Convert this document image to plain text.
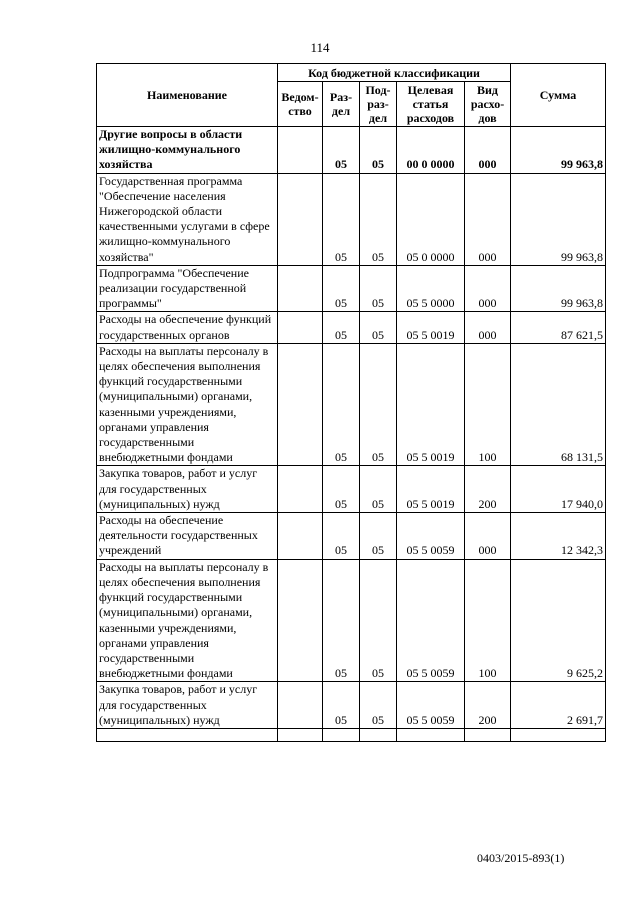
114
Наименование	Код бюджетной классификации					Сумма
	Ведом-ство	Раз-дел	Под-раз-дел	Целевая статья расходов	Вид расхо-дов	
Другие вопросы в области жилищно-коммунального хозяйства		05	05	00 0 0000	000	99 963,8
Государственная программа "Обеспечение населения Нижегородской области качественными услугами в сфере жилищно-коммунального хозяйства"		05	05	05 0 0000	000	99 963,8
Подпрограмма "Обеспечение реализации государственной программы"		05	05	05 5 0000	000	99 963,8
Расходы на обеспечение функций государственных органов		05	05	05 5 0019	000	87 621,5
Расходы на выплаты персоналу в целях обеспечения выполнения функций государственными (муниципальными) органами, казенными учреждениями, органами управления государственными внебюджетными фондами		05	05	05 5 0019	100	68 131,5
Закупка товаров, работ и услуг для государственных (муниципальных) нужд		05	05	05 5 0019	200	17 940,0
Расходы на обеспечение деятельности государственных учреждений		05	05	05 5 0059	000	12 342,3
Расходы на выплаты персоналу в целях обеспечения выполнения функций государственными (муниципальными) органами, казенными учреждениями, органами управления государственными внебюджетными фондами		05	05	05 5 0059	100	9 625,2
Закупка товаров, работ и услуг для государственных (муниципальных) нужд		05	05	05 5 0059	200	2 691,7

0403/2015-893(1)
